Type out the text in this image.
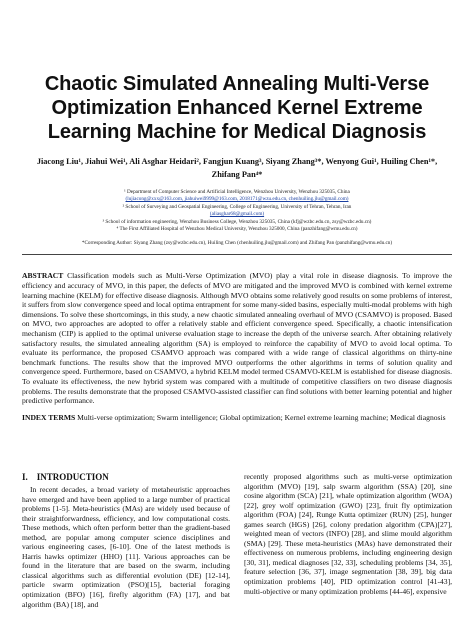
Chaotic Simulated Annealing Multi-Verse
Optimization Enhanced Kernel Extreme
Learning Machine for Medical Diagnosis
Jiacong Liu¹, Jiahui Wei¹, Ali Asghar Heidari², Fangjun Kuang³, Siyang Zhang³*, Wenyong Gui¹, Huiling Chen¹*,
Zhifang Pan⁴*
¹ Department of Computer Science and Artificial Intelligence, Wenzhou University, Wenzhou 325035, China
(lujiacong@xxx@163.com, jiahuiwei9999@163.com, 2018171@wzu.edu.cn, chenhuiling.jlu@gmail.com)
² School of Surveying and Geospatial Engineering, College of Engineering, University of Tehran, Tehran, Iran
(aliasghar68@gmail.com)
³ School of information engineering, Wenzhou Business College, Wenzhou 325035, China (kfj@wzbc.edu.cn, zsy@wzbc.edu.cn)
⁴ The First Affiliated Hospital of Wenzhou Medical University, Wenzhou 325000, China (panzhifang@wmu.edu.cn)
*Corresponding Author: Siyang Zhang (zsy@wzbc.edu.cn), Huiling Chen (chenhuiling.jlu@gmail.com) and Zhifang Pan (panzhifang@wmu.edu.cn)
ABSTRACT Classification models such as Multi-Verse Optimization (MVO) play a vital role in disease diagnosis. To improve the efficiency and accuracy of MVO, in this paper, the defects of MVO are mitigated and the improved MVO is combined with kernel extreme learning machine (KELM) for effective disease diagnosis. Although MVO obtains some relatively good results on some problems of interest, it suffers from slow convergence speed and local optima entrapment for some many-sided basins, especially multi-modal problems with high dimensions. To solve these shortcomings, in this study, a new chaotic simulated annealing overhaul of MVO (CSAMVO) is proposed. Based on MVO, two approaches are adopted to offer a relatively stable and efficient convergence speed. Specifically, a chaotic intensification mechanism (CIP) is applied to the optimal universe evaluation stage to increase the depth of the universe search. After obtaining relatively satisfactory results, the simulated annealing algorithm (SA) is employed to reinforce the capability of MVO to avoid local optima. To evaluate its performance, the proposed CSAMVO approach was compared with a wide range of classical algorithms on thirty-nine benchmark functions. The results show that the improved MVO outperforms the other algorithms in terms of solution quality and convergence speed. Furthermore, based on CSAMVO, a hybrid KELM model termed CSAMVO-KELM is established for disease diagnosis. To evaluate its effectiveness, the new hybrid system was compared with a multitude of competitive classifiers on two disease diagnosis problems. The results demonstrate that the proposed CSAMVO-assisted classifier can find solutions with better learning potential and higher predictive performance.
INDEX TERMS Multi-verse optimization; Swarm intelligence; Global optimization; Kernel extreme learning machine; Medical diagnosis
I.    INTRODUCTION

In recent decades, a broad variety of metaheuristic approaches have emerged and have been applied to a large number of practical problems [1-5]. Meta-heuristics (MAs) are widely used because of their straightforwardness, efficiency, and low computational costs. These methods, which often perform better than the gradient-based method, are popular among computer science disciplines and various engineering cases, [6-10]. One of the latest methods is Harris hawks optimizer (HHO) [11]. Various approaches can be found in the literature that are based on the swarm, including classical algorithms such as differential evolution (DE) [12-14], particle swarm optimization (PSO)[15], bacterial foraging optimization (BFO) [16], firefly algorithm (FA) [17], and bat algorithm (BA) [18], and

recently proposed algorithms such as multi-verse optimization algorithm (MVO) [19], salp swarm algorithm (SSA) [20], sine cosine algorithm (SCA) [21], whale optimization algorithm (WOA) [22], grey wolf optimization (GWO) [23], fruit fly optimization algorithm (FOA) [24], Runge Kutta optimizer (RUN) [25], hunger games search (HGS) [26], colony predation algorithm (CPA)[27], weighted mean of vectors (INFO) [28], and slime mould algorithm (SMA) [29]. These meta-heuristics (MAs) have demonstrated their effectiveness on numerous problems, including engineering design [30, 31], medical diagnoses [32, 33], scheduling problems [34, 35], feature selection [36, 37], image segmentation [38, 39], big data optimization problems [40], PID optimization control [41-43], multi-objective or many optimization problems [44-46], expensive
